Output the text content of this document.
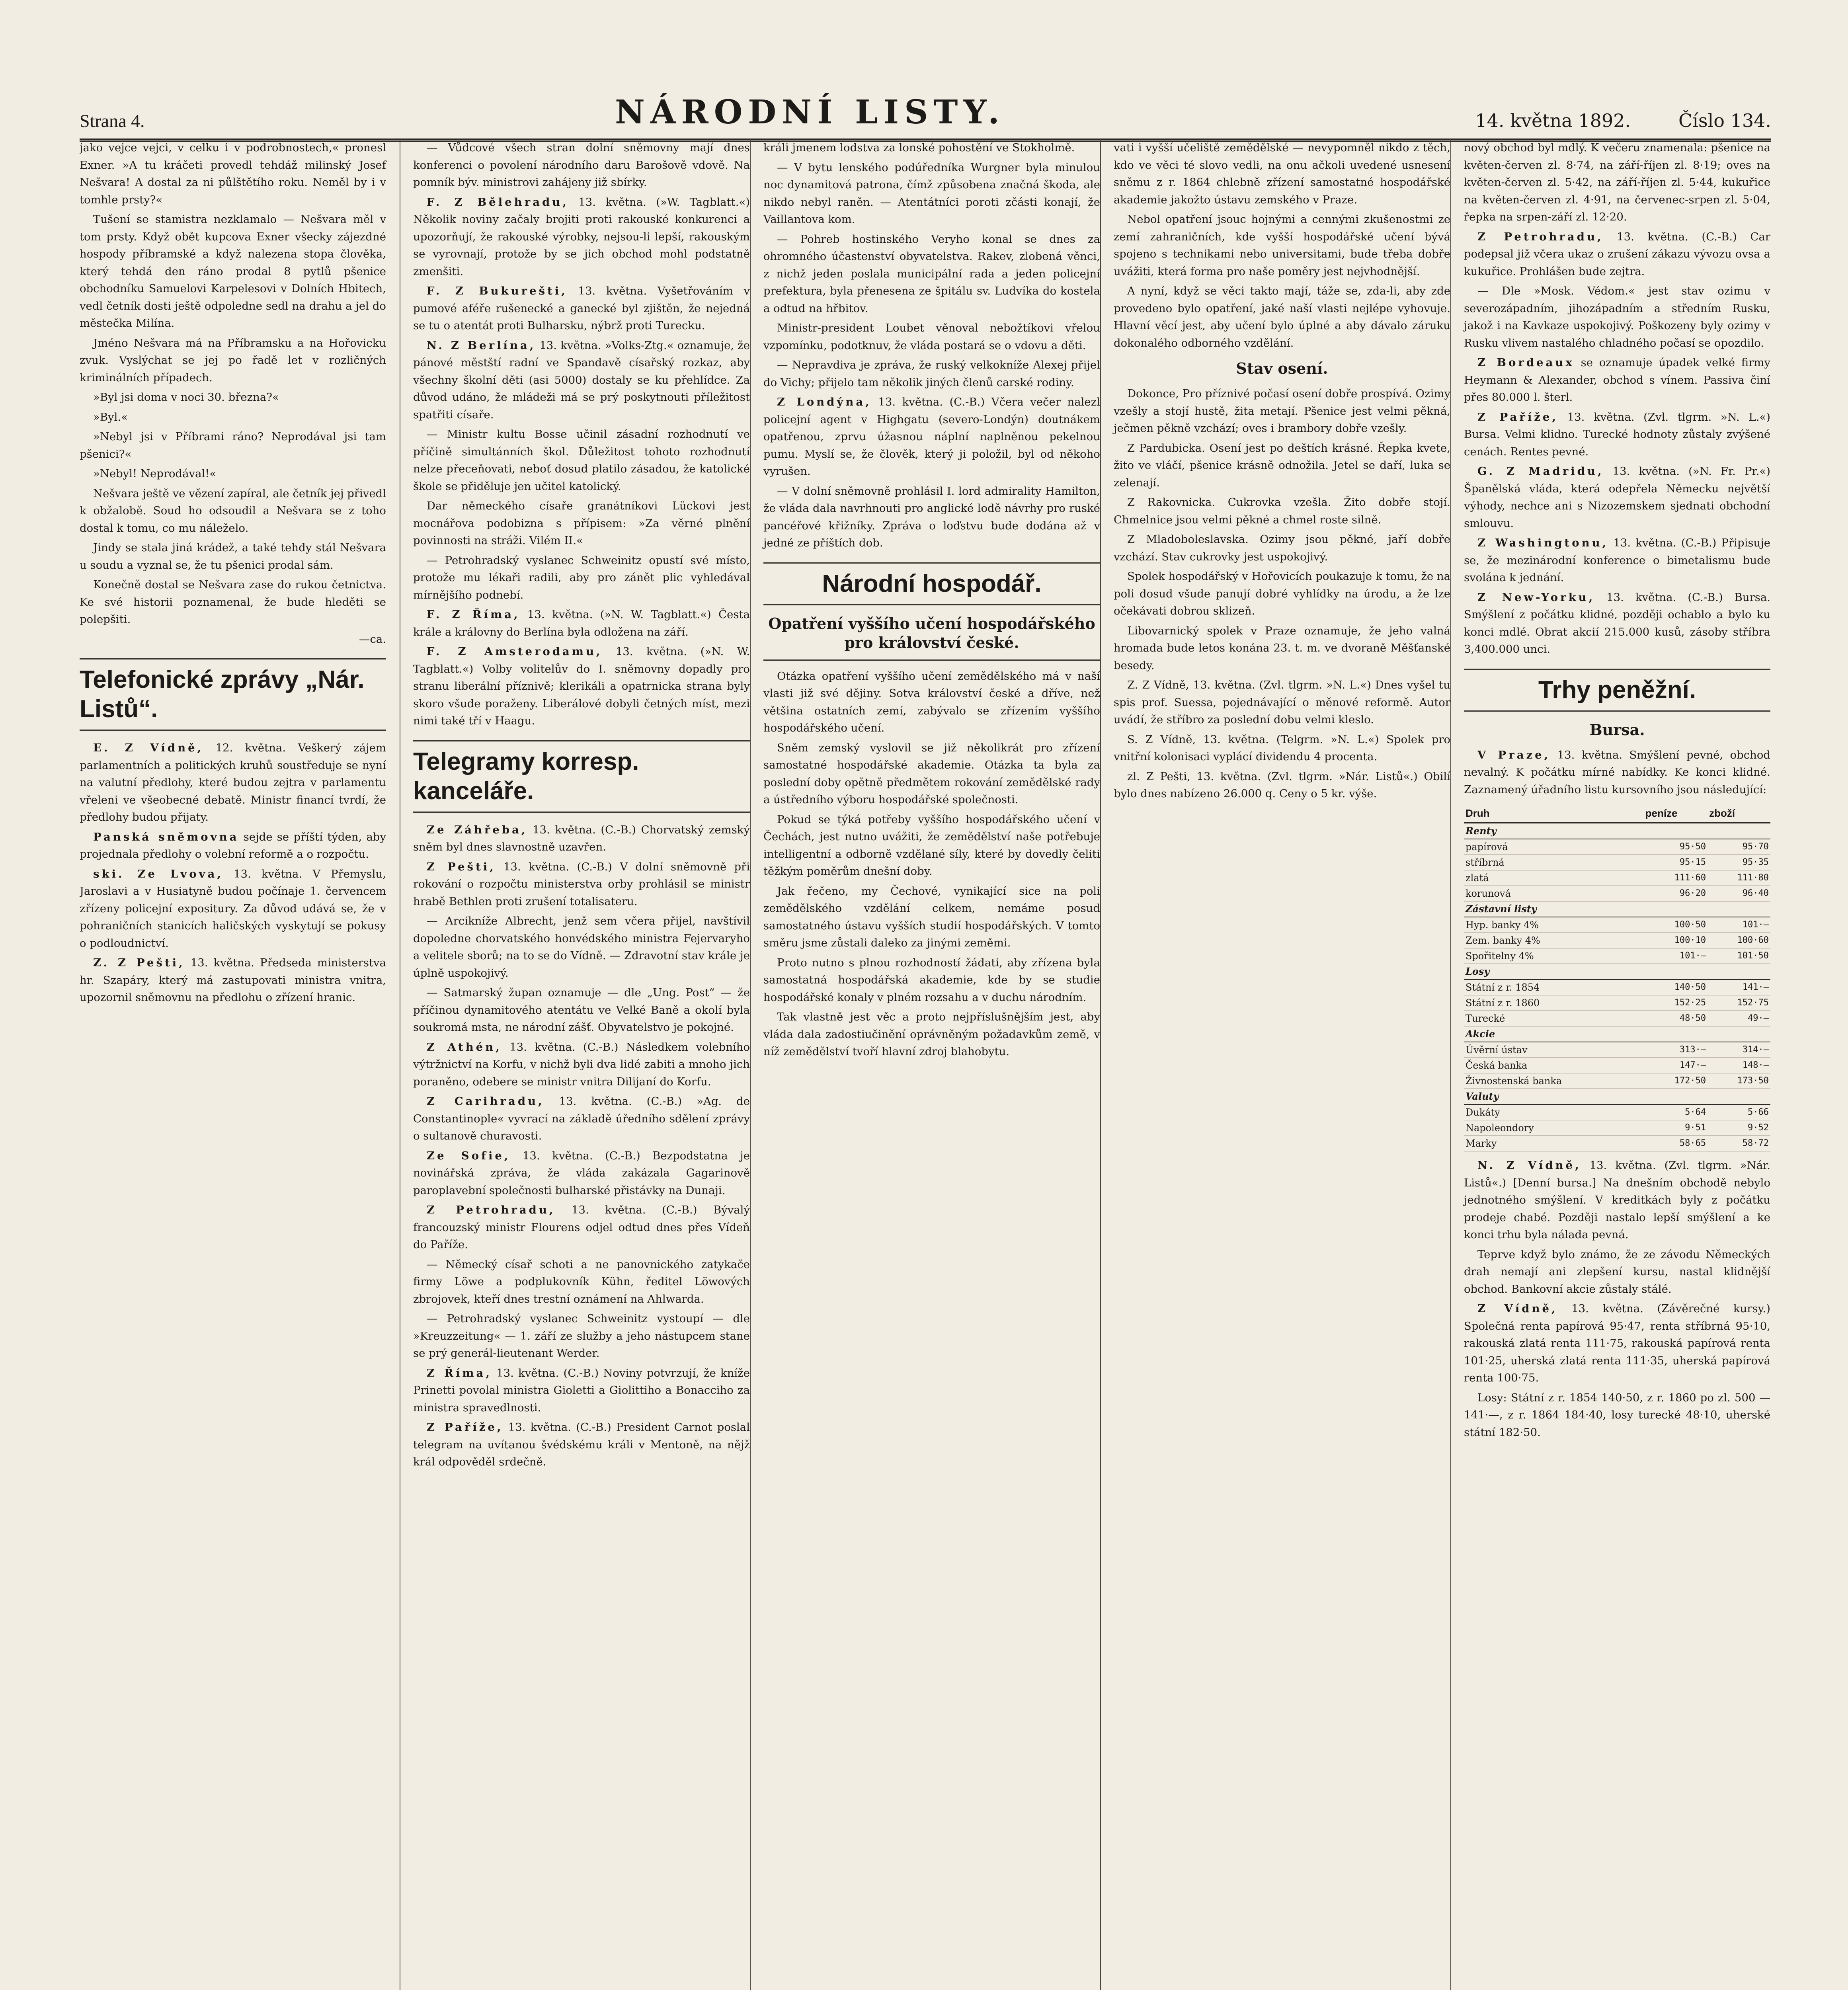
Strana 4.	NÁRODNÍ LISTY.	14. května 1892.	Číslo 134.

jako vejce vejci, v celku i v podrobnostech,« pronesl Exner. »A tu kráčeti provedl tehdáž milinský Josef Nešvara! A dostal za ni půlštětího roku. Neměl by i v tomhle prsty?«

Tušení se stamistra nezklamalo — Nešvara měl v tom prsty. Když obět kupcova Exner všecky zájezdné hospody příbramské a když nalezena stopa člověka, který tehdá den ráno prodal 8 pytlů pšenice obchodníku Samuelovi Karpelesovi v Dolních Hbitech, vedl četník dosti ještě odpoledne sedl na drahu a jel do městečka Milína.

Jméno Nešvara má na Příbramsku a na Hořovicku zvuk. Vyslýchat se jej po řadě let v rozličných kriminálních případech.

»Byl jsi doma v noci 30. března?«

»Byl.«

»Nebyl jsi v Příbrami ráno? Neprodával jsi tam pšenici?«

»Nebyl! Neprodával!«

Nešvara ještě ve vězení zapíral, ale četník jej přivedl k obžalobě. Soud ho odsoudil a Nešvara se z toho dostal k tomu, co mu náleželo.

Jindy se stala jiná krádež, a také tehdy stál Nešvara u soudu a vyznal se, že tu pšenici prodal sám.

Konečně dostal se Nešvara zase do rukou četnictva. Ke své historii poznamenal, že bude hleděti se polepšiti.

—ca.

Telefonické zprávy „Nár. Listů“.

E. Z Vídně, 12. května. Veškerý zájem parlamentních a politických kruhů soustředuje se nyní na valutní předlohy, které budou zejtra v parlamentu vřeleni ve všeobecné debatě. Ministr financí tvrdí, že předlohy budou přijaty.

Panská sněmovna sejde se příští týden, aby projednala předlohy o volební reformě a o rozpočtu.

ski. Ze Lvova, 13. května. V Přemyslu, Jaroslavi a v Husiatyně budou počínaje 1. červencem zřízeny policejní expositury. Za důvod udává se, že v pohraničních stanicích haličských vyskytují se pokusy o podloudnictví.

Z. Z Pešti, 13. května. Předseda ministerstva hr. Szapáry, který má zastupovati ministra vnitra, upozornil sněmovnu na předlohu o zřízení hranic.

— Vůdcové všech stran dolní sněmovny mají dnes konferenci o povolení národního daru Barošově vdově. Na pomník býv. ministrovi zahájeny již sbírky.

F. Z Bělehradu, 13. května. (»W. Tagblatt.«) Několik noviny začaly brojiti proti rakouské konkurenci a upozorňují, že rakouské výrobky, nejsou-li lepší, rakouským se vyrovnají, protože by se jich obchod mohl podstatně zmenšiti.

F. Z Bukurešti, 13. května. Vyšetřováním v pumové aféře rušenecké a ganecké byl zjištěn, že nejedná se tu o atentát proti Bulharsku, nýbrž proti Turecku.

N. Z Berlína, 13. května. »Volks-Ztg.« oznamuje, že pánové městští radní ve Spandavě císařský rozkaz, aby všechny školní děti (asi 5000) dostaly se ku přehlídce. Za důvod udáno, že mládeži má se prý poskytnouti příležitost spatřiti císaře.

— Ministr kultu Bosse učinil zásadní rozhodnutí ve příčině simultánních škol. Důležitost tohoto rozhodnutí nelze přeceňovati, neboť dosud platilo zásadou, že katolické škole se přiděluje jen učitel katolický.

Dar německého císaře granátníkovi Lückovi jest mocnářova podobizna s přípisem: »Za věrné plnění povinnosti na stráži. Vilém II.«

— Petrohradský vyslanec Schweinitz opustí své místo, protože mu lékaři radili, aby pro zánět plic vyhledával mírnějšího podnebí.

F. Z Říma, 13. května. (»N. W. Tagblatt.«) Česta krále a královny do Berlína byla odložena na září.

F. Z Amsterodamu, 13. května. (»N. W. Tagblatt.«) Volby volitelův do I. sněmovny dopadly pro stranu liberální příznivě; klerikáli a opatrnicka strana byly skoro všude poraženy. Liberálové dobyli četných míst, mezi nimi také tří v Haagu.

Telegramy korresp. kanceláře.

Ze Záhřeba, 13. května. (C.-B.) Chorvatský zemský sněm byl dnes slavnostně uzavřen.

Z Pešti, 13. května. (C.-B.) V dolní sněmovně při rokování o rozpočtu ministerstva orby prohlásil se ministr hrabě Bethlen proti zrušení totalisateru.

— Arcikníže Albrecht, jenž sem včera přijel, navštívil dopoledne chorvatského honvédského ministra Fejervaryho a velitele sborů; na to se do Vídně. — Zdravotní stav krále je úplně uspokojivý.

— Satmarský župan oznamuje — dle „Ung. Post“ — že příčinou dynamitového atentátu ve Velké Baně a okolí byla soukromá msta, ne národní zášť. Obyvatelstvo je pokojné.

Z Athén, 13. května. (C.-B.) Následkem volebního výtržnictví na Korfu, v nichž byli dva lidé zabiti a mnoho jich poraněno, odebere se ministr vnitra Dilijaní do Korfu.

Z Carihradu, 13. května. (C.-B.) »Ag. de Constantinople« vyvrací na základě úředního sdělení zprávy o sultanově churavosti.

Ze Sofie, 13. května. (C.-B.) Bezpodstatna je novinářská zpráva, že vláda zakázala Gagarinově paroplavební společnosti bulharské přistávky na Dunaji.

Z Petrohradu, 13. května. (C.-B.) Bývalý francouzský ministr Flourens odjel odtud dnes přes Vídeň do Paříže.

— Německý císař schoti a ne panovnického zatykače firmy Löwe a podplukovník Kühn, ředitel Löwových zbrojovek, kteří dnes trestní oznámení na Ahlwarda.

— Petrohradský vyslanec Schweinitz vystoupí — dle »Kreuzzeitung« — 1. září ze služby a jeho nástupcem stane se prý generál-lieutenant Werder.

Z Říma, 13. května. (C.-B.) Noviny potvrzují, že kníže Prinetti povolal ministra Gioletti a Giolittiho a Bonacciho za ministra spravedlnosti.

Z Paříže, 13. května. (C.-B.) President Carnot poslal telegram na uvítanou švédskému králi v Mentoně, na nějž král odpověděl srdečně.

králi jmenem lodstva za lonské pohostění ve Stokholmě.

— V bytu lenského podúředníka Wurgner byla minulou noc dynamitová patrona, čímž způsobena značná škoda, ale nikdo nebyl raněn. — Atentátníci poroti zčásti konají, že Vaillantova kom.

— Pohreb hostinského Veryho konal se dnes za ohromného účastenství obyvatelstva. Rakev, zlobená věnci, z nichž jeden poslala municipální rada a jeden policejní prefektura, byla přenesena ze špitálu sv. Ludvíka do kostela a odtud na hřbitov.

Ministr-president Loubet věnoval nebožtíkovi vřelou vzpomínku, podotknuv, že vláda postará se o vdovu a děti.

— Nepravdiva je zpráva, že ruský velkokníže Alexej přijel do Vichy; přijelo tam několik jiných členů carské rodiny.

Z Londýna, 13. května. (C.-B.) Včera večer nalezl policejní agent v Highgatu (severo-Londýn) doutnákem opatřenou, zprvu úžasnou náplní naplněnou pekelnou pumu. Myslí se, že člověk, který ji položil, byl od někoho vyrušen.

— V dolní sněmovně prohlásil I. lord admirality Hamilton, že vláda dala navrhnouti pro anglické lodě návrhy pro ruské pancéřové křižníky. Zpráva o loďstvu bude dodána až v jedné ze příštích dob.

Národní hospodář.
Opatření vyššího učení hospodářského pro království české.

Otázka opatření vyššího učení zemědělského má v naší vlasti již své dějiny. Sotva království české a dříve, než většina ostatních zemí, zabývalo se zřízením vyššího hospodářského učení.

Sněm zemský vyslovil se již několikrát pro zřízení samostatné hospodářské akademie. Otázka ta byla za poslední doby opětně předmětem rokování zemědělské rady a ústředního výboru hospodářské společnosti.

Pokud se týká potřeby vyššího hospodářského učení v Čechách, jest nutno uvážiti, že zemědělství naše potřebuje intelligentní a odborně vzdělané síly, které by dovedly čeliti těžkým poměrům dnešní doby.

Jak řečeno, my Čechové, vynikající sice na poli zemědělského vzdělání celkem, nemáme posud samostatného ústavu vyšších studií hospodářských. V tomto směru jsme zůstali daleko za jinými zeměmi.

Proto nutno s plnou rozhodností žádati, aby zřízena byla samostatná hospodářská akademie, kde by se studie hospodářské konaly v plném rozsahu a v duchu národním.

Tak vlastně jest věc a proto nejpříslušnějším jest, aby vláda dala zadostiučinění oprávněným požadavkům země, v níž zemědělství tvoří hlavní zdroj blahobytu.

vati i vyšší učeliště zemědělské — nevypomněl nikdo z těch, kdo ve věci té slovo vedli, na onu ačkoli uvedené usnesení sněmu z r. 1864 chlebně zřízení samostatné hospodářské akademie jakožto ústavu zemského v Praze.

Nebol opatření jsouc hojnými a cennými zkušenostmi ze zemí zahraničních, kde vyšší hospodářské učení bývá spojeno s technikami nebo universitami, bude třeba dobře uvážiti, která forma pro naše poměry jest nejvhodnější.

A nyní, když se věci takto mají, táže se, zda-li, aby zde provedeno bylo opatření, jaké naší vlasti nejlépe vyhovuje. Hlavní věcí jest, aby učení bylo úplné a aby dávalo záruku dokonalého odborného vzdělání.

Stav osení.

Dokonce, Pro příznivé počasí osení dobře prospívá. Ozimy vzešly a stojí hustě, žita metají. Pšenice jest velmi pěkná, ječmen pěkně vzchází; oves i brambory dobře vzešly.

Z Pardubicka. Osení jest po deštích krásné. Řepka kvete, žito ve vláčí, pšenice krásně odnožila. Jetel se daří, luka se zelenají.

Z Rakovnicka. Cukrovka vzešla. Žito dobře stojí. Chmelnice jsou velmi pěkné a chmel roste silně.

Z Mladoboleslavska. Ozimy jsou pěkné, jaří dobře vzchází. Stav cukrovky jest uspokojivý.

Spolek hospodářský v Hořovicích poukazuje k tomu, že na poli dosud všude panují dobré vyhlídky na úrodu, a že lze očekávati dobrou sklizeň.

Libovarnický spolek v Praze oznamuje, že jeho valná hromada bude letos konána 23. t. m. ve dvoraně Měšťanské besedy.

Z. Z Vídně, 13. května. (Zvl. tlgrm. »N. L.«) Dnes vyšel tu spis prof. Suessa, pojednávající o měnové reformě. Autor uvádí, že stříbro za poslední dobu velmi kleslo.

S. Z Vídně, 13. května. (Telgrm. »N. L.«) Spolek pro vnitřní kolonisaci vyplácí dividendu 4 procenta.

zl. Z Pešti, 13. května. (Zvl. tlgrm. »Nár. Listů«.) Obilí bylo dnes nabízeno 26.000 q. Ceny o 5 kr. výše.

nový obchod byl mdlý. K večeru znamenala: pšenice na květen-červen zl. 8·74, na září-říjen zl. 8·19; oves na květen-červen zl. 5·42, na září-říjen zl. 5·44, kukuřice na květen-červen zl. 4·91, na červenec-srpen zl. 5·04, řepka na srpen-září zl. 12·20.

Z Petrohradu, 13. května. (C.-B.) Car podepsal již včera ukaz o zrušení zákazu vývozu ovsa a kukuřice. Prohlášen bude zejtra.

— Dle »Mosk. Védom.« jest stav ozimu v severozápadním, jihozápadním a středním Rusku, jakož i na Kavkaze uspokojivý. Poškozeny byly ozimy v Rusku vlivem nastalého chladného počasí se opozdilo.

Z Bordeaux se oznamuje úpadek velké firmy Heymann & Alexander, obchod s vínem. Passiva činí přes 80.000 l. šterl.

Z Paříže, 13. května. (Zvl. tlgrm. »N. L.«) Bursa. Velmi klidno. Turecké hodnoty zůstaly zvýšené cenách. Rentes pevné.

G. Z Madridu, 13. května. (»N. Fr. Pr.«) Španělská vláda, která odepřela Německu největší výhody, nechce ani s Nizozemskem sjednati obchodní smlouvu.

Z Washingtonu, 13. května. (C.-B.) Připisuje se, že mezinárodní konference o bimetalismu bude svolána k jednání.

Z New-Yorku, 13. května. (C.-B.) Bursa. Smýšlení z počátku klidné, později ochablo a bylo ku konci mdlé. Obrat akcií 215.000 kusů, zásoby stříbra 3,400.000 unci.

Trhy peněžní.
Bursa.

V Praze, 13. května. Smýšlení pevné, obchod nevalný. K počátku mírné nabídky. Ke konci klidné. Zaznamený úřadního listu kursovního jsou následující:

Druh	peníze	zboží
Renty		
papírová	95·50	95·70
stříbrná	95·15	95·35
zlatá	111·60	111·80
korunová	96·20	96·40
Zástavní listy		
Hyp. banky 4%	100·50	101·—
Zem. banky 4%	100·10	100·60
Spořitelny 4%	101·—	101·50
Losy		
Státní z r. 1854	140·50	141·—
Státní z r. 1860	152·25	152·75
Turecké	48·50	49·—
Akcie		
Úvěrní ústav	313·—	314·—
Česká banka	147·—	148·—
Živnostenská banka	172·50	173·50
Valuty		
Dukáty	5·64	5·66
Napoleondory	9·51	9·52
Marky	58·65	58·72

N. Z Vídně, 13. května. (Zvl. tlgrm. »Nár. Listů«.) [Denní bursa.] Na dnešním obchodě nebylo jednotného smýšlení. V kreditkách byly z počátku prodeje chabé. Později nastalo lepší smýšlení a ke konci trhu byla nálada pevná.

Teprve když bylo známo, že ze závodu Německých drah nemají ani zlepšení kursu, nastal klidnější obchod. Bankovní akcie zůstaly stálé.

Z Vídně, 13. května. (Závěrečné kursy.) Společná renta papírová 95·47, renta stříbrná 95·10, rakouská zlatá renta 111·75, rakouská papírová renta 101·25, uherská zlatá renta 111·35, uherská papírová renta 100·75.

Losy: Státní z r. 1854 140·50, z r. 1860 po zl. 500 — 141·—, z r. 1864 184·40, losy turecké 48·10, uherské státní 182·50.
